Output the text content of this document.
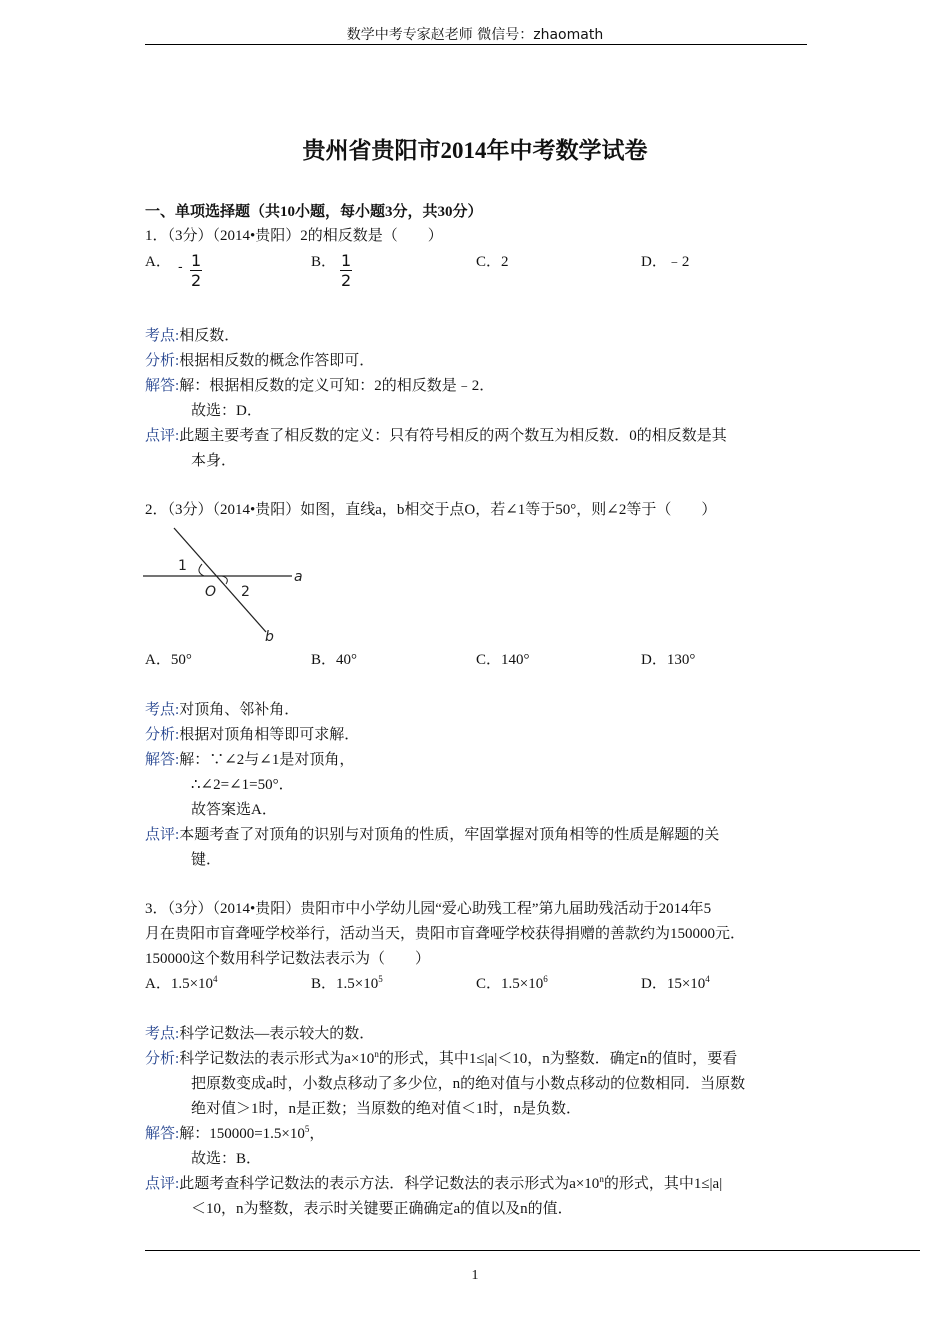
数学中考专家赵老师 微信号：zhaomath
贵州省贵阳市2014年中考数学试卷
一、单项选择题（共10小题，每小题3分，共30分）
1．（3分）（2014•贵阳）2的相反数是（　　）
A． - $\frac{1}{2}$	B． $\frac{1}{2}$	C．2	D．﹣2
考点:相反数．
分析:根据相反数的概念作答即可．
解答:解：根据相反数的定义可知：2的相反数是﹣2．
故选：D．
点评:此题主要考查了相反数的定义：只有符号相反的两个数互为相反数．0的相反数是其
本身．
2．（3分）（2014•贵阳）如图，直线a，b相交于点O，若∠1等于50°，则∠2等于（　　）
1
2
O
a
b
A．50°	B．40°	C．140°	D．130°
考点:对顶角、邻补角．
分析:根据对顶角相等即可求解．
解答:解：∵∠2与∠1是对顶角，
∴∠2=∠1=50°．
故答案选A．
点评:本题考查了对顶角的识别与对顶角的性质，牢固掌握对顶角相等的性质是解题的关
键．
3．（3分）（2014•贵阳）贵阳市中小学幼儿园“爱心助残工程”第九届助残活动于2014年5
月在贵阳市盲聋哑学校举行，活动当天，贵阳市盲聋哑学校获得捐赠的善款约为150000元．
150000这个数用科学记数法表示为（　　）
A．$1.5\times 10^4$	B．$1.5\times 10^5$	C．$1.5\times 10^6$	D．$15\times 10^4$
考点:科学记数法—表示较大的数．
分析:科学记数法的表示形式为$a\times 10^n$的形式，其中1≤|a|＜10，n为整数．确定n的值时，要看
把原数变成a时，小数点移动了多少位，n的绝对值与小数点移动的位数相同．当原数
绝对值＞1时，n是正数；当原数的绝对值＜1时，n是负数．
解答:解：$150000=1.5\times 10^5$，
故选：B．
点评:此题考查科学记数法的表示方法．科学记数法的表示形式为$a\times 10^n$的形式，其中1≤|a|
＜10，n为整数，表示时关键要正确确定a的值以及n的值．
1
